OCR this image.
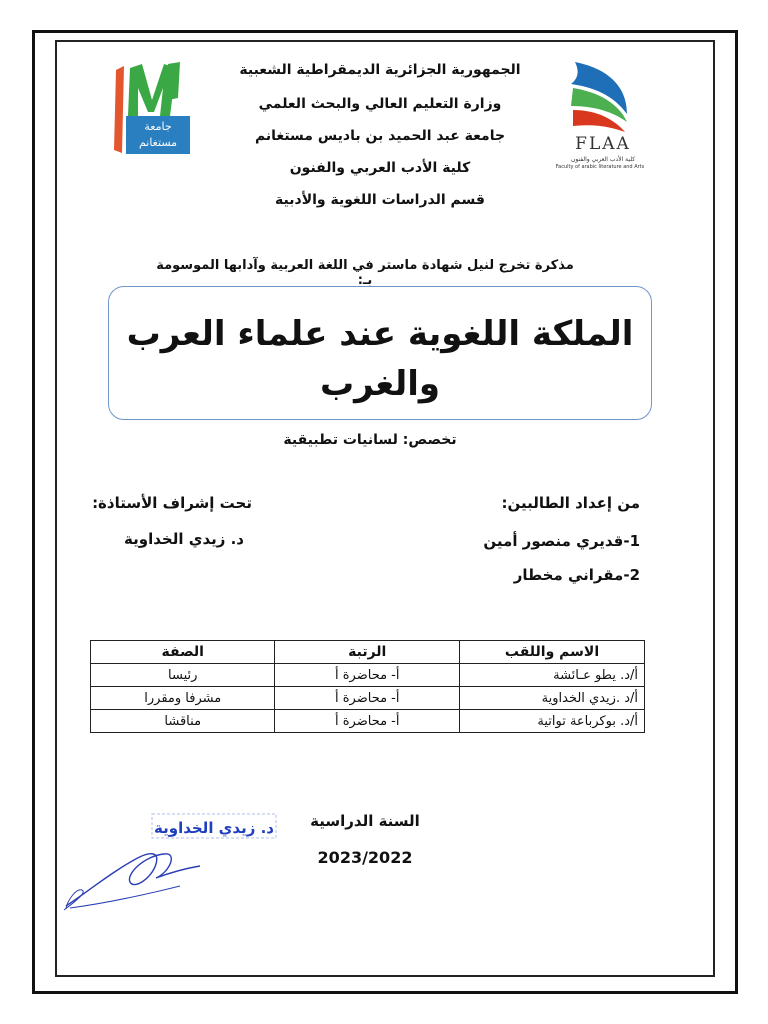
جامعة
مستغانم	FLAA
كلية الأدب العربي والفنون
Faculty of arabic literature and Arts
الجمهورية الجزائرية الديمقراطية الشعبية
وزارة التعليم العالي والبحث العلمي
جامعة عبد الحميد بن باديس مستغانم
كلية الأدب العربي والفنون
قسم الدراسات اللغوية والأدبية
مذكرة تخرج لنيل شهادة ماستر في اللغة العربية وآدابها الموسومة بـ:
الملكة اللغوية عند علماء العرب
والغرب
تخصص: لسانيات تطبيقية
من إعداد الطالبين:
1-قديري منصور أمين
2-مقراني مخطار
تحت إشراف الأستاذة:
د. زيدي الخداوية
الاسم واللقب	الرتبة	الصفة
أ/د. يطو عـائشة	أ- محاضرة أ	رئيسا
أ/د .زيدي الخداوية	أ- محاضرة أ	مشرفا ومقررا
أ/د. بوكرباعة تواتية	أ- محاضرة أ	مناقشا
د. زيدي الخداوية	السنة الدراسية
2023/2022
